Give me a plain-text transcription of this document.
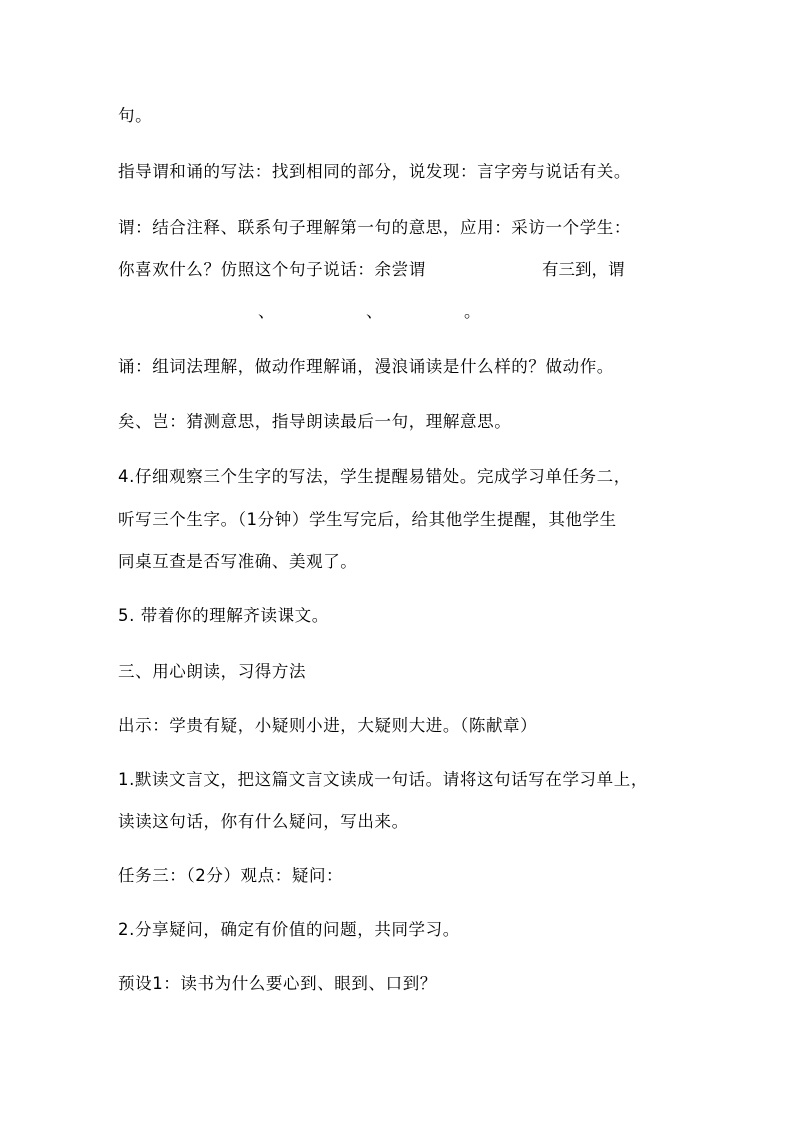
句。
指导谓和诵的写法：找到相同的部分，说发现：言字旁与说话有关。
谓：结合注释、联系句子理解第一句的意思，应用：采访一个学生：
你喜欢什么？仿照这个句子说话：余尝谓	有三到，谓
、	、	。
诵：组词法理解，做动作理解诵，漫浪诵读是什么样的？做动作。
矣、岂：猜测意思，指导朗读最后一句，理解意思。
4.仔细观察三个生字的写法，学生提醒易错处。完成学习单任务二，
听写三个生字。（1分钟）学生写完后，给其他学生提醒，其他学生
同桌互查是否写准确、美观了。
5. 带着你的理解齐读课文。
三、用心朗读，习得方法
出示：学贵有疑，小疑则小进，大疑则大进。（陈献章）
1.默读文言文，把这篇文言文读成一句话。请将这句话写在学习单上，
读读这句话，你有什么疑问，写出来。
任务三：（2分）观点：疑问：
2.分享疑问，确定有价值的问题，共同学习。
预设1：读书为什么要心到、眼到、口到？
